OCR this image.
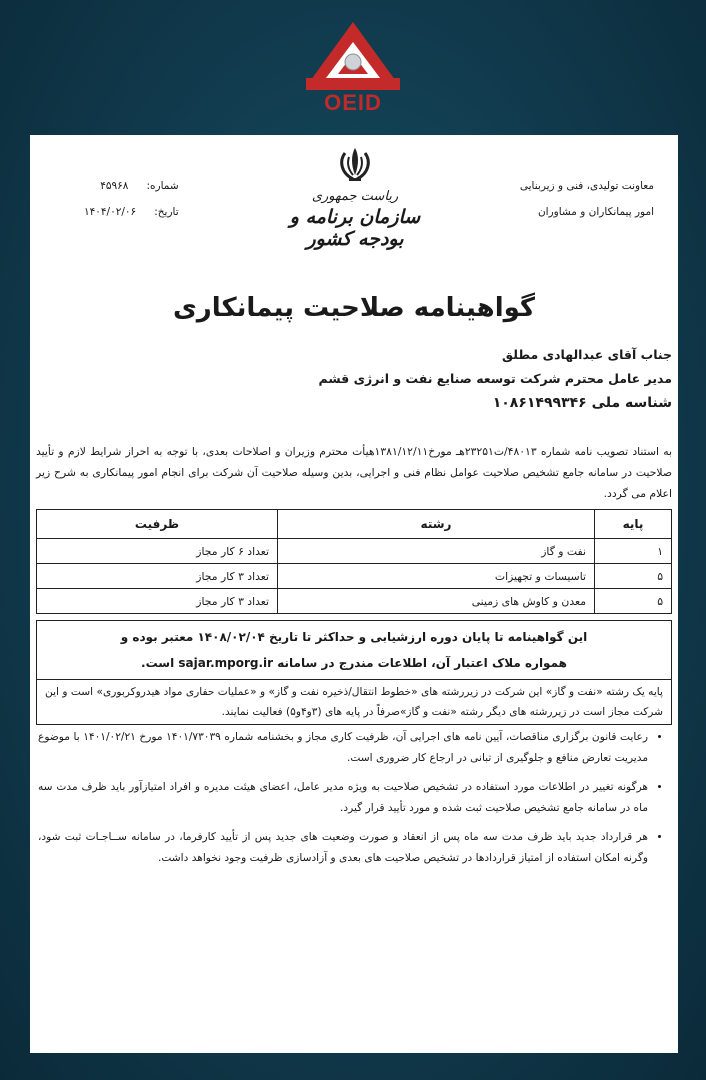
OEID
معاونت تولیدی، فنی و زیربنایی
امور پیمانکاران و مشاوران
ریاست جمهوری
سازمان برنامه و بودجه کشور
شماره:
۴۵۹۶۸
تاریخ:
۱۴۰۴/۰۲/۰۶
گواهینامه صلاحیت پیمانکاری
جناب آقای عبدالهادی مطلق
مدیر عامل محترم شرکت توسعه صنایع نفت و انرژی قشم
شناسه ملی ۱۰۸۶۱۴۹۹۳۴۶
به استناد تصویب نامه شماره ۴۸۰۱۳/ت۲۳۲۵۱هـ مورخ۱۳۸۱/۱۲/۱۱هیأت محترم وزیران و اصلاحات بعدی، با توجه به احراز شرایط لازم و تأیید صلاحیت در سامانه جامع تشخیص صلاحیت عوامل نظام فنی و اجرایی، بدین وسیله صلاحیت آن شرکت برای انجام امور پیمانکاری به شرح زیر اعلام می گردد.
پایه	رشته	ظرفیت
۱	نفت و گاز	تعداد ۶ کار مجاز
۵	تاسیسات و تجهیزات	تعداد ۳ کار مجاز
۵	معدن و کاوش های زمینی	تعداد ۳ کار مجاز
این گواهینامه تا پایان دوره ارزشیابی و حداکثر تا تاریخ ۱۴۰۸/۰۲/۰۴ معتبر بوده و
همواره ملاک اعتبار آن، اطلاعات مندرج در سامانه sajar.mporg.ir است.
پایه یک رشته «نفت و گاز» این شرکت در زیررشته های «خطوط انتقال/ذخیره نفت و گاز» و «عملیات حفاری مواد هیدروکربوری» است و این شرکت مجاز است در زیررشته های دیگر رشته «نفت و گاز»صرفاً در پایه های (۳و۴و۵) فعالیت نمایند.
• رعایت قانون برگزاری مناقصات، آیین نامه های اجرایی آن، ظرفیت کاری مجاز و بخشنامه شماره ۱۴۰۱/۷۳۰۳۹ مورخ ۱۴۰۱/۰۲/۲۱ با موضوع مدیریت تعارض منافع و جلوگیری از تبانی در ارجاع کار ضروری است.
• هرگونه تغییر در اطلاعات مورد استفاده در تشخیص صلاحیت به ویژه مدیر عامل، اعضای هیئت مدیره و افراد امتیازآور باید ظرف مدت سه ماه در سامانه جامع تشخیص صلاحیت ثبت شده و مورد تأیید قرار گیرد.
• هر قرارداد جدید باید ظرف مدت سه ماه پس از انعقاد و صورت وضعیت های جدید پس از تأیید کارفرما، در سامانه ســاجـات ثبت شود، وگرنه امکان استفاده از امتیاز قراردادها در تشخیص صلاحیت های بعدی و آزادسازی ظرفیت وجود نخواهد داشت.
